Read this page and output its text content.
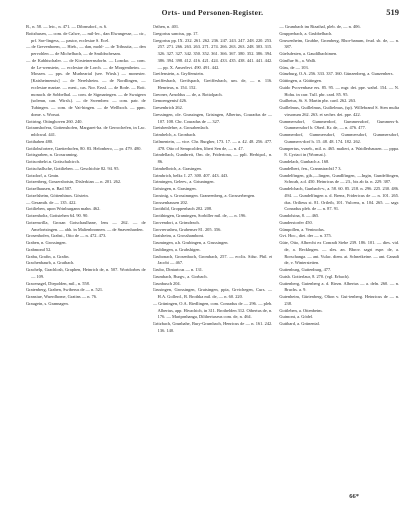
Orts- und Personen-Register.	519

B., n. 58. — leic., n. 471. — Dibrnsdorf., n. 6.

Boitzhusen, — com. de Calwe, — mil-lec., dan Elwangesse, — cir., prf. Sav-lingess, — pastor, ecclesiae S. Ecel.

— de Grevenhoem, — Hieb., — dan, mohl- — de Tribustia, — den pervohlen — de Michelbach, — de Smildnchesam.

— de Kabhtschaler. — de Kirsteinernsdorfn. — Loncko. — com. de Le-wenstein, — ecclesiae de Lorch. — de Morgentheim. — Mossen. — pps. de Murhearial (see. Wirsh.) — monester. [Kaisheimensis] — de Nerelsheim. — de Nordlingen, — ecclesiae mariae. — mest., cas. Nor. Erssl. — de Rode. — Rott. monach. de Sobbelhal. — com. de Sigmaringen. — de Swaigern (solemn, can. Wirsh.). — de Swemberr. — com. patr. de Tubingen. — com. de Vai-hingen. — de Wellboch. — ppm. dome. s. Worsat.

Gottring. Ottinghoven 260. 240.

Gotranshofera, Gottenshofen, Margaret-ha. de Gerrochefen, in Lac. mblcwal. 441.

Gotthaben 480.

Gottlobsfortere, Gaetterhofen, 80. 83. Helonbero, — pr. 479. 480.

Gottsgraben, n. Grossraming.

Gottscnbelrt.n. Gottschalcirch.

Gottschallsche, Gottlieben. — Geschichte 82. 94. 95.

Gotzdorf, a. Gmtn.

Gotzenberg, Gossersbotsin, Dislerkian — n. 201. 262.

Gotzelhausen, n. Bad 507.

Gotzelsheim, Göttenhinos. Göstein.

— Gesamtb. de — 135. 422.

Gottlieben, upon Wrinburgann mahn. 462.

Gotzenholtz, Gottstehen 64. 90. 90.

Gotzenwilla, Grosan Gotschaulhane, lens — 262. — de Amelortsingen. — abh. in Malienbronnen. — de Snavenharden.

Grosenhofen, Grabst., Otto de — n. 472. 473.

Graben, n. Grossingen.

Grabmond 52.

Grabu, Grafin, a. Grafin.

Grachenbaurb, a. Gratbach.

Grachelp, Grachlosh, Graphen, Heinrich de, n. 507. Wortdorbes de — 109.

Gracenagel, Diepolden, mil., n. 558.

Gratenberg, Graben, Swiberus de — n. 521.

Gransiue, Wuerdhome, Gratins — n. 76.

Graugein, s. Grannagen.

Orthen, n. 401.

Gregorius sanctus, pp. 17.

Gregorius pp. IX. 232. 261. 262. 236. 247. 243. 247. 248. 220. 253. 257. 271. 266. 263. 263. 271. 274. 266. 263. 263. 248. 303. 315. 326. 327. 327. 342. 350. 352. 361. 366. 367. 380. 352. 386. 394. 386. 394. 398. 412. 416. 421. 424. 433. 435. 438. 441. 441. 442. — pp. X. Anserlevi. 490. 491. 442.

Greifenstein, a. Gryffenstein.

Greiffesbach, Greifspach, Greiffesbach, um. de, — n. 116. Henrieus, n. 154. 152.

Greoner, Arnoldus — de, a. Rottolpach.

Gemoengenisf 426.

Gresenhrich 262.

Gressingen, ole. Grassingen, Grisingen, Albertus, Couradus de — 107. 108. Chr. Couradus de — 327.

Gretsbenlehre, a. Grosabenlach.

Grimhelch, a. Gronbach.

Grilmentein, — vice. Chr. Burgher, 173. 17. — a. 42. 48. 256. 477. 478. Otto of Sempcolden, libert Sen de, — n. 47.

Grindellach, Gunthreit, Om. de, Frideriona, — ppli. Herbipol., n. 86.

Grimbelbrich, a. Grasingen.

Grimbrich, belkr. I. 27. 300. 407. 443. 443.

Grimingen, Geleev., a. Griuningen.

Grösingen, n. Grasingen.

Grosinig, s. Grossimngen. Graneenberg, a. Grosserbergen.

Grossenhausen 202.

Grottbild, Groppenbach 202. 208.

Grotthingen, Gramingen, Sorbiller mil. de, — n. 196.

Grovendori, a. Grimdeach.

Grovrerusbeu, Grubenser 81. 205. 356.

Graisheim, a. Grosshambont.

Grumingen, a.b. Grubingen, a. Grussingen.

Grublingen, a. Grubshigen.

Grubonach, Grosenbach, Grombach, 257. — ecclis. Sifur. Phil. et Jacobi — 467.

Grubo, Dintaricus — n. 131.

Grumbach, Burgv., a. Gorbach.

Grunbusch 204.

Grusingen, Grossingen, Grutsingen, ppia, Grvichegen, Curs. — H.A. Gollerd., B. Brothka mil. de, — n. 60. 220.

— Grüningen, O.A. Riedlingen, com. Conradus de — 296. — pleb. Albertus, app. Hivachich, in 311. Brothelden 312. Otbertus de, n. 176. — Mariprnhanga, Dilthertuseus com. de, n. 464.

Gritzbach, Grunbahe, Bury-Grumbach, Henricus de — n. 161. 242. 136. 140.

— Grumbach im Rizathal, pleb. de, — n. 406.

Grupperbach, a. Grubbelbach.

Gruwenheim, Grubhe, Gromberg, Rhor-banum, feud. sb. de, — n. 387.

Güelsdesten, a. Gaudilbachimen.

Günflue St., a. Walli.

Güss, de — 103.

Günzburg, O.A. 256. 333. 337. 360. Günzenberg, a. Gunzenhers.

Güttingen, a. Güttingen.

Guido Pvovenbase ers. 85. 95. — mgr. dei. ppe. wahrl. 154. — N. Hohu. in carr. Tull. pbr. card. 85. 95.

Guilbetus, St. S. Martin pbr. card. 262. 263.

Guillelmus, Guillelmus, Guilielmus, (sp). Willebrand S. Sten multa virsonum 262. 263. et secher. dei. ppe. 422.

Gummersdorf, Gummerdorf, Gummersdorf, Gummers-b. Gummersdorf b. Oberl. Kr. de, — n. 476. 477.

Gummerdorf, Gummersdorf, Gummersdorf, Gummersdorf, Gummers-dorf h. 15. 48. 48. 174. 182. 262.

Gumpertus, vvaeb., mil. n. 465. malieri, a. Waidlerhausen. — pppa. 8. Cyriaci in (Wormat.).

Gundelach, Gunbach a. 168.

Gundelbert, fen., Crannstrachtl 7 3.

Gundelfingen, gib.,—lingen, Gundlfingen, —Ingin, Gundelfingen, Schwab, a.d. 450. Heinricus de — 23., bis ab fa. n. 229. 387.

Gundelchach, Gunbach-v., a. 58. 60. 85. 218. n. 296. 225. 230. 486. 494. — Gundelfingen a. d. Brenz, Fridericus de — n. 101. 265. dus. Ortlieus st. 81. Ortleib, 101. Vulcens, n. 104. 265. — sagr. Conradus pleb. de — n. 87. 91.

Gundolsina, 8. — 465.

Gunderstorfer 450.

Gümpollen, a. Venincdus.

Gvt. Hoc., diei. der — n. 375.

Güte, Otto, Albrecht ex Conradt Siebe 239. 186. 101. — dies. vid. de, a. Recklngen. — sles. an. Bbrov. sagri espe. de, a. Rorschanga. — ant. Vulac. diem. at. Schnetkeine. — ant. Canadi de, v. Winterstetten.

Guttenburg, Guttenburg, 477.

Gutsb. Gotterlaur, 8. 270. (vgl. Erbach).

Guttenberg, Gutenberg a. d. Riezn. Albertus — a. deln. 260. — n. Bruchs. a. 9.

Gutenheim, Gürtenberg, Olton v. Gut-tenberg. Heinricus de — n. 238.

Gottleben, a. Ottenbeim.

Guimont, a. Gödel.

Guttbard, a. Grünental.

66*
